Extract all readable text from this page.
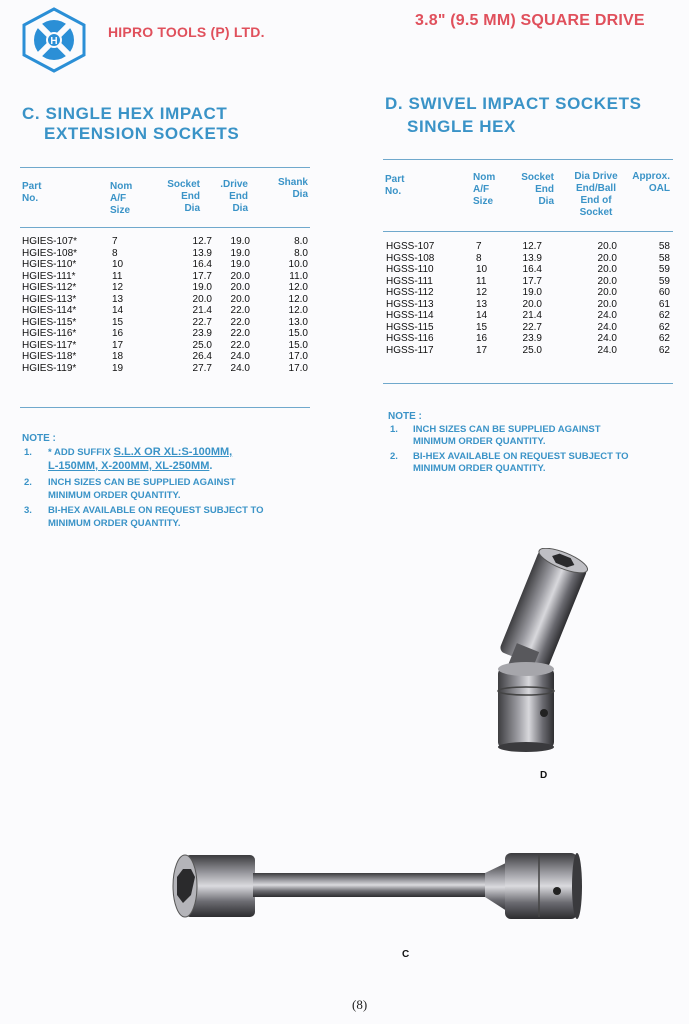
H
HIPRO TOOLS (P) LTD.
3.8" (9.5 MM) SQUARE DRIVE
C. SINGLE HEX IMPACT
EXTENSION SOCKETS
Part
No.
Nom
A/F
Size
Socket
End
Dia
.Drive
End
Dia
Shank
Dia
HGIES-107*	7	12.7 19.0	8.0
HGIES-108*	8	13.9 19.0	8.0
HGIES-110*	10	16.4 19.0	10.0
HGIES-111*	11	17.7 20.0	11.0
HGIES-112*	12	19.0 20.0	12.0
HGIES-113*	13	20.0 20.0	12.0
HGIES-114*	14	21.4 22.0	12.0
HGIES-115*	15	22.7 22.0	13.0
HGIES-116*	16	23.9 22.0	15.0
HGIES-117*	17	25.0 22.0	15.0
HGIES-118*	18	26.4 24.0	17.0
HGIES-119*	19	27.7 24.0	17.0
NOTE :
1. * ADD SUFFIX S.L.X OR XL:S-100MM,
L-150MM, X-200MM, XL-250MM.
2. INCH SIZES CAN BE SUPPLIED AGAINST
MINIMUM ORDER QUANTITY.
3. BI-HEX AVAILABLE ON REQUEST SUBJECT TO
MINIMUM ORDER QUANTITY.
D. SWIVEL IMPACT SOCKETS
SINGLE HEX
Part
No.
Nom
A/F
Size
Socket
End
Dia
Dia Drive
End/Ball
End of
Socket
Approx.
OAL
HGSS-107	7	12.7	20.0	58
HGSS-108	8	13.9	20.0	58
HGSS-110	10	16.4	20.0	59
HGSS-111	11	17.7	20.0	59
HGSS-112	12	19.0	20.0	60
HGSS-113	13	20.0	20.0	61
HGSS-114	14	21.4	24.0	62
HGSS-115	15	22.7	24.0	62
HGSS-116	16	23.9	24.0	62
HGSS-117	17	25.0	24.0	62
NOTE :
1. INCH SIZES CAN BE SUPPLIED AGAINST
MINIMUM ORDER QUANTITY.
2. BI-HEX AVAILABLE ON REQUEST SUBJECT TO
MINIMUM ORDER QUANTITY.
D
C
(8)
